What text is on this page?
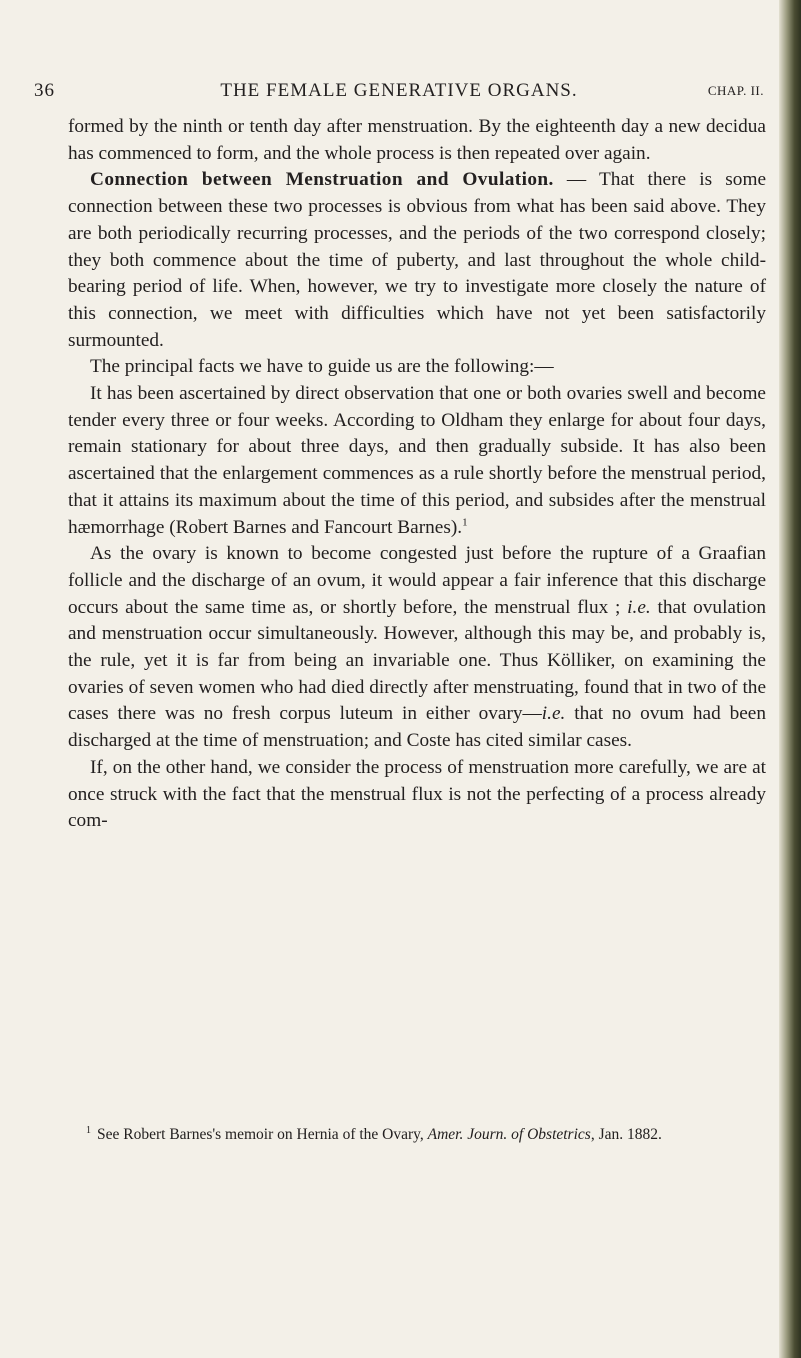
36	THE FEMALE GENERATIVE ORGANS.	CHAP. II.

formed by the ninth or tenth day after menstruation. By the eighteenth day a new decidua has commenced to form, and the whole process is then repeated over again.

Connection between Menstruation and Ovulation. — That there is some connection between these two processes is obvious from what has been said above. They are both periodically recurring processes, and the periods of the two correspond closely; they both commence about the time of puberty, and last throughout the whole child-bearing period of life. When, however, we try to investigate more closely the nature of this connection, we meet with difficulties which have not yet been satisfactorily surmounted.

The principal facts we have to guide us are the following:—

It has been ascertained by direct observation that one or both ovaries swell and become tender every three or four weeks. According to Oldham they enlarge for about four days, remain stationary for about three days, and then gradually subside. It has also been ascertained that the enlargement commences as a rule shortly before the menstrual period, that it attains its maximum about the time of this period, and subsides after the menstrual hæmorrhage (Robert Barnes and Fancourt Barnes).$^1$

As the ovary is known to become congested just before the rupture of a Graafian follicle and the discharge of an ovum, it would appear a fair inference that this discharge occurs about the same time as, or shortly before, the menstrual flux ; i.e. that ovulation and menstruation occur simultaneously. However, although this may be, and probably is, the rule, yet it is far from being an invariable one. Thus Kölliker, on examining the ovaries of seven women who had died directly after menstruating, found that in two of the cases there was no fresh corpus luteum in either ovary—i.e. that no ovum had been discharged at the time of menstruation; and Coste has cited similar cases.

If, on the other hand, we consider the process of menstruation more carefully, we are at once struck with the fact that the menstrual flux is not the perfecting of a process already com-

$^1$ See Robert Barnes's memoir on Hernia of the Ovary, Amer. Journ. of Obstetrics, Jan. 1882.
